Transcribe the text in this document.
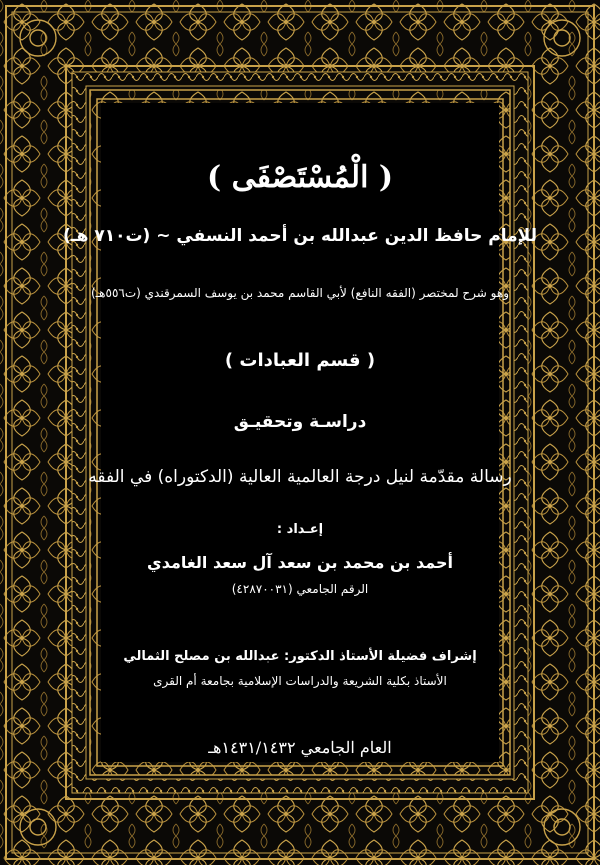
( الْمُسْتَصْفَى )
للإمام حافظ الدين عبدالله بن أحمد النسفي ~ (ت٧١٠ هـ)
وهو شرح لمختصر (الفقه النافع) لأبي القاسم محمد بن يوسف السمرقندي (ت٥٥٦هـ)
( قسم العبادات )
دراسـة وتحقيـق
رسالة مقدّمة لنيل درجة العالمية العالية (الدكتوراه) في الفقه
إعـداد :
أحمد بن محمد بن سعد آل سعد الغامدي
الرقم الجامعي (٤٢٨٧٠٠٣١)
إشراف فضيلة الأستاذ الدكتور: عبدالله بن مصلح الثمالي
الأستاذ بكلية الشريعة والدراسات الإسلامية بجامعة أم القرى
العام الجامعي ١٤٣١/١٤٣٢هـ
